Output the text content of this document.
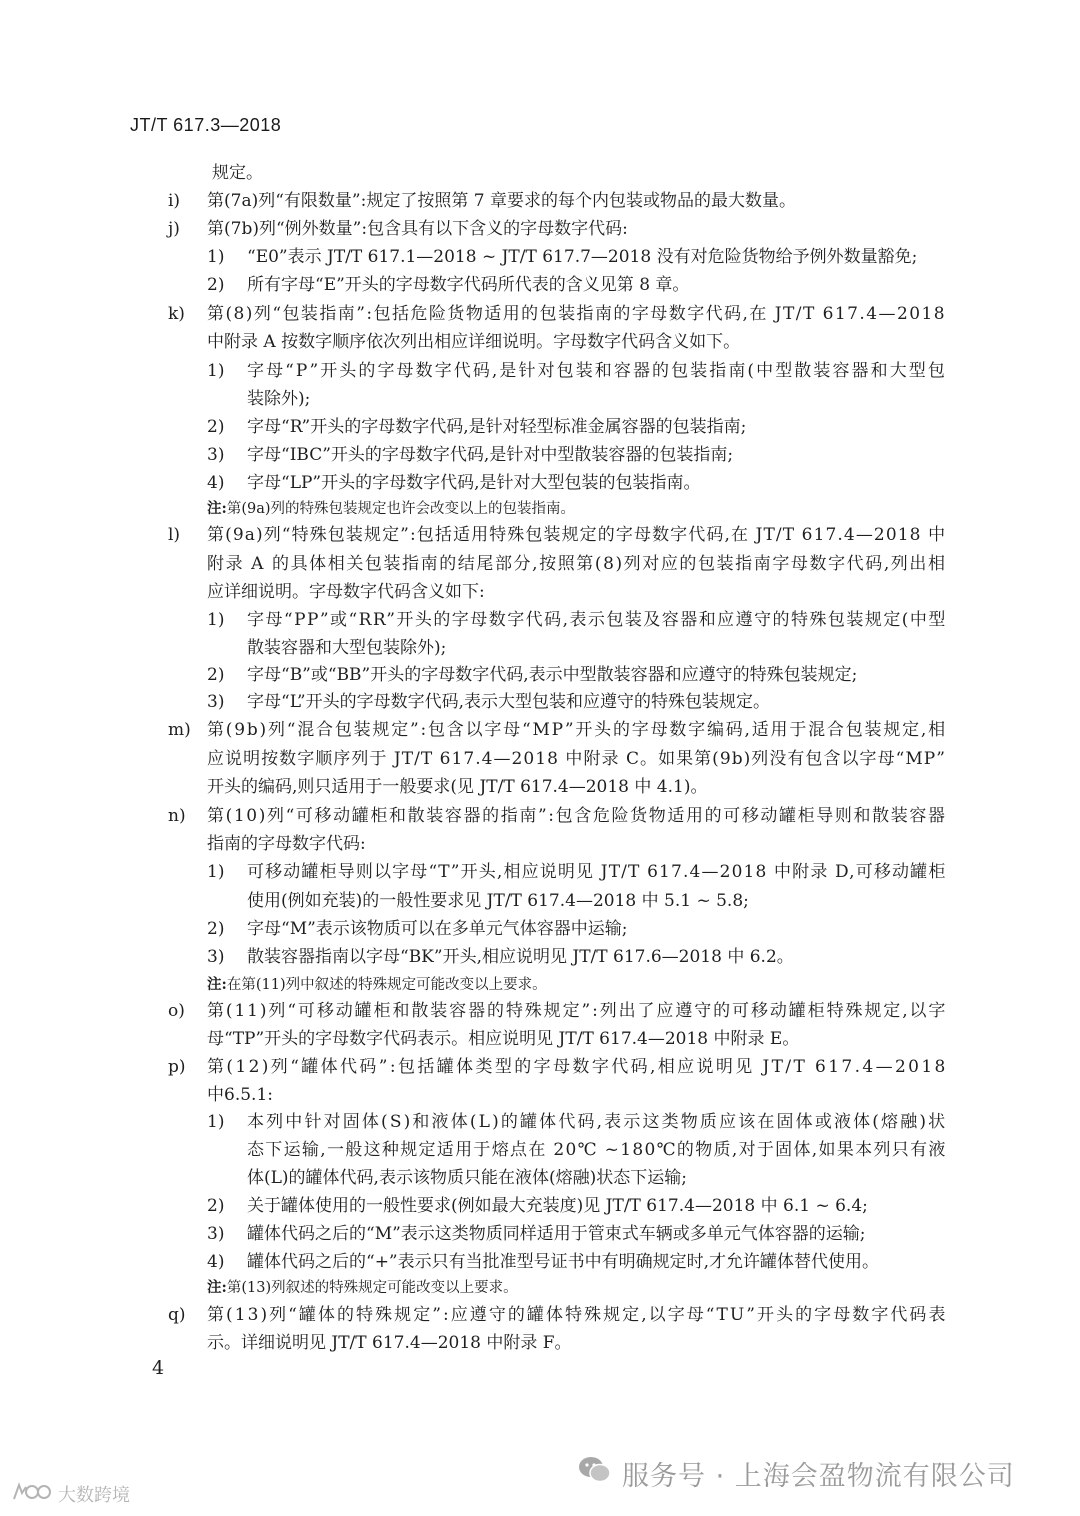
JT/T 617.3—2018
规定。
i) 第(7a)列“有限数量”:规定了按照第 7 章要求的每个内包装或物品的最大数量。
j) 第(7b)列“例外数量”:包含具有以下含义的字母数字代码:
1) “E0”表示 JT/T 617.1—2018 ~ JT/T 617.7—2018 没有对危险货物给予例外数量豁免;
2) 所有字母“E”开头的字母数字代码所代表的含义见第 8 章。
k) 第(8)列“包装指南”:包括危险货物适用的包装指南的字母数字代码,在 JT/T 617.4—2018
中附录 A 按数字顺序依次列出相应详细说明。字母数字代码含义如下。
1) 字母“P”开头的字母数字代码,是针对包装和容器的包装指南(中型散装容器和大型包
装除外);
2) 字母“R”开头的字母数字代码,是针对轻型标准金属容器的包装指南;
3) 字母“IBC”开头的字母数字代码,是针对中型散装容器的包装指南;
4) 字母“LP”开头的字母数字代码,是针对大型包装的包装指南。
注:第(9a)列的特殊包装规定也许会改变以上的包装指南。
l) 第(9a)列“特殊包装规定”:包括适用特殊包装规定的字母数字代码,在 JT/T 617.4—2018 中
附录 A 的具体相关包装指南的结尾部分,按照第(8)列对应的包装指南字母数字代码,列出相
应详细说明。字母数字代码含义如下:
1) 字母“PP”或“RR”开头的字母数字代码,表示包装及容器和应遵守的特殊包装规定(中型
散装容器和大型包装除外);
2) 字母“B”或“BB”开头的字母数字代码,表示中型散装容器和应遵守的特殊包装规定;
3) 字母“L”开头的字母数字代码,表示大型包装和应遵守的特殊包装规定。
m) 第(9b)列“混合包装规定”:包含以字母“MP”开头的字母数字编码,适用于混合包装规定,相
应说明按数字顺序列于 JT/T 617.4—2018 中附录 C。如果第(9b)列没有包含以字母“MP”
开头的编码,则只适用于一般要求(见 JT/T 617.4—2018 中 4.1)。
n) 第(10)列“可移动罐柜和散装容器的指南”:包含危险货物适用的可移动罐柜导则和散装容器
指南的字母数字代码:
1) 可移动罐柜导则以字母“T”开头,相应说明见 JT/T 617.4—2018 中附录 D,可移动罐柜
使用(例如充装)的一般性要求见 JT/T 617.4—2018 中 5.1 ~ 5.8;
2) 字母“M”表示该物质可以在多单元气体容器中运输;
3) 散装容器指南以字母“BK”开头,相应说明见 JT/T 617.6—2018 中 6.2。
注:在第(11)列中叙述的特殊规定可能改变以上要求。
o) 第(11)列“可移动罐柜和散装容器的特殊规定”:列出了应遵守的可移动罐柜特殊规定,以字
母“TP”开头的字母数字代码表示。相应说明见 JT/T 617.4—2018 中附录 E。
p) 第(12)列“罐体代码”:包括罐体类型的字母数字代码,相应说明见 JT/T 617.4—2018
中6.5.1:
1) 本列中针对固体(S)和液体(L)的罐体代码,表示这类物质应该在固体或液体(熔融)状
态下运输,一般这种规定适用于熔点在 20℃ ~180℃的物质,对于固体,如果本列只有液
体(L)的罐体代码,表示该物质只能在液体(熔融)状态下运输;
2) 关于罐体使用的一般性要求(例如最大充装度)见 JT/T 617.4—2018 中 6.1 ~ 6.4;
3) 罐体代码之后的“M”表示这类物质同样适用于管束式车辆或多单元气体容器的运输;
4) 罐体代码之后的“+”表示只有当批准型号证书中有明确规定时,才允许罐体替代使用。
注:第(13)列叙述的特殊规定可能改变以上要求。
q) 第(13)列“罐体的特殊规定”:应遵守的罐体特殊规定,以字母“TU”开头的字母数字代码表
示。详细说明见 JT/T 617.4—2018 中附录 F。
4
服务号 · 上海会盈物流有限公司
大数跨境
